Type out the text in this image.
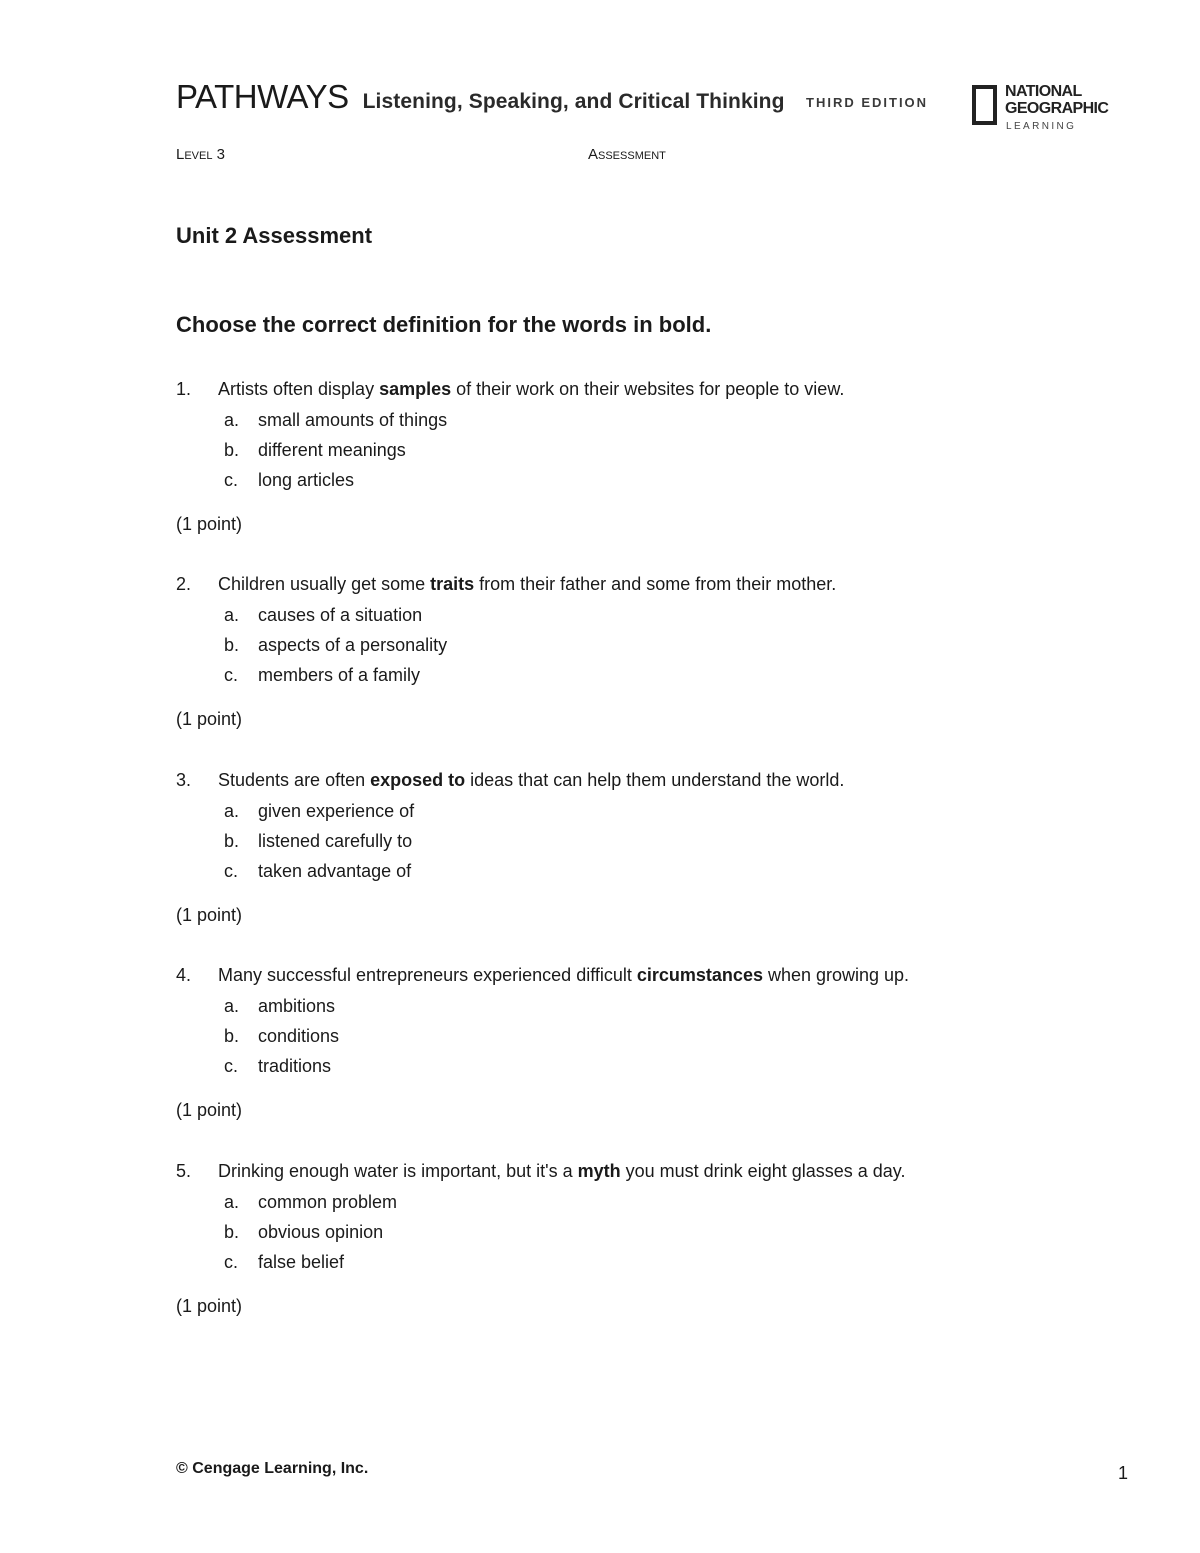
PATHWAYS Listening, Speaking, and Critical Thinking THIRD EDITION
NATIONAL
GEOGRAPHIC
LEARNING
Level 3	Assessment
Unit 2 Assessment
Choose the correct definition for the words in bold.
1. Artists often display samples of their work on their websites for people to view.
a. small amounts of things
b. different meanings
c. long articles
(1 point)
2. Children usually get some traits from their father and some from their mother.
a. causes of a situation
b. aspects of a personality
c. members of a family
(1 point)
3. Students are often exposed to ideas that can help them understand the world.
a. given experience of
b. listened carefully to
c. taken advantage of
(1 point)
4. Many successful entrepreneurs experienced difficult circumstances when growing up.
a. ambitions
b. conditions
c. traditions
(1 point)
5. Drinking enough water is important, but it's a myth you must drink eight glasses a day.
a. common problem
b. obvious opinion
c. false belief
(1 point)
© Cengage Learning, Inc.	1
